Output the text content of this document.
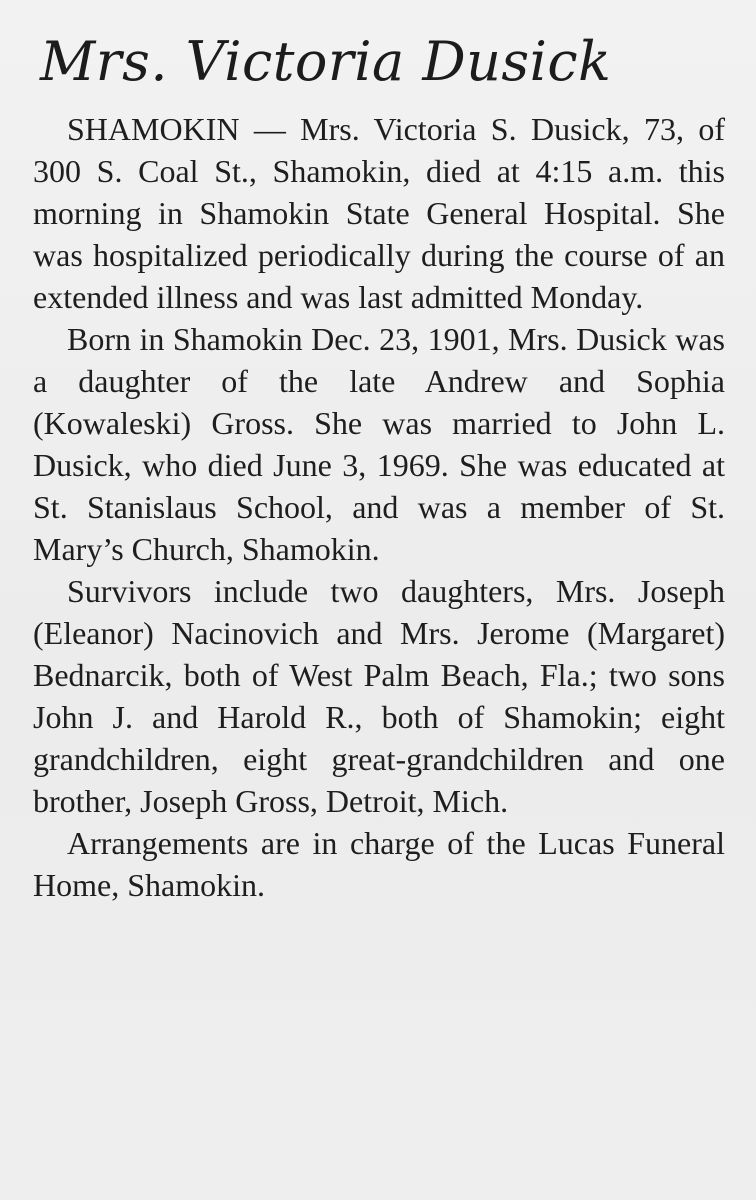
Mrs. Victoria Dusick

SHAMOKIN — Mrs. Victoria S. Dusick, 73, of 300 S. Coal St., Shamokin, died at 4:15 a.m. this morning in Shamokin State General Hospital. She was hospitalized periodically during the course of an extended illness and was last admitted Monday.

Born in Shamokin Dec. 23, 1901, Mrs. Dusick was a daughter of the late Andrew and Sophia (Kowaleski) Gross. She was married to John L. Dusick, who died June 3, 1969. She was educated at St. Stanislaus School, and was a member of St. Mary’s Church, Shamokin.

Survivors include two daughters, Mrs. Joseph (Eleanor) Nacinovich and Mrs. Jerome (Margaret) Bednarcik, both of West Palm Beach, Fla.; two sons John J. and Harold R., both of Shamokin; eight grandchildren, eight great-grandchildren and one brother, Joseph Gross, Detroit, Mich.

Arrangements are in charge of the Lucas Funeral Home, Shamokin.
